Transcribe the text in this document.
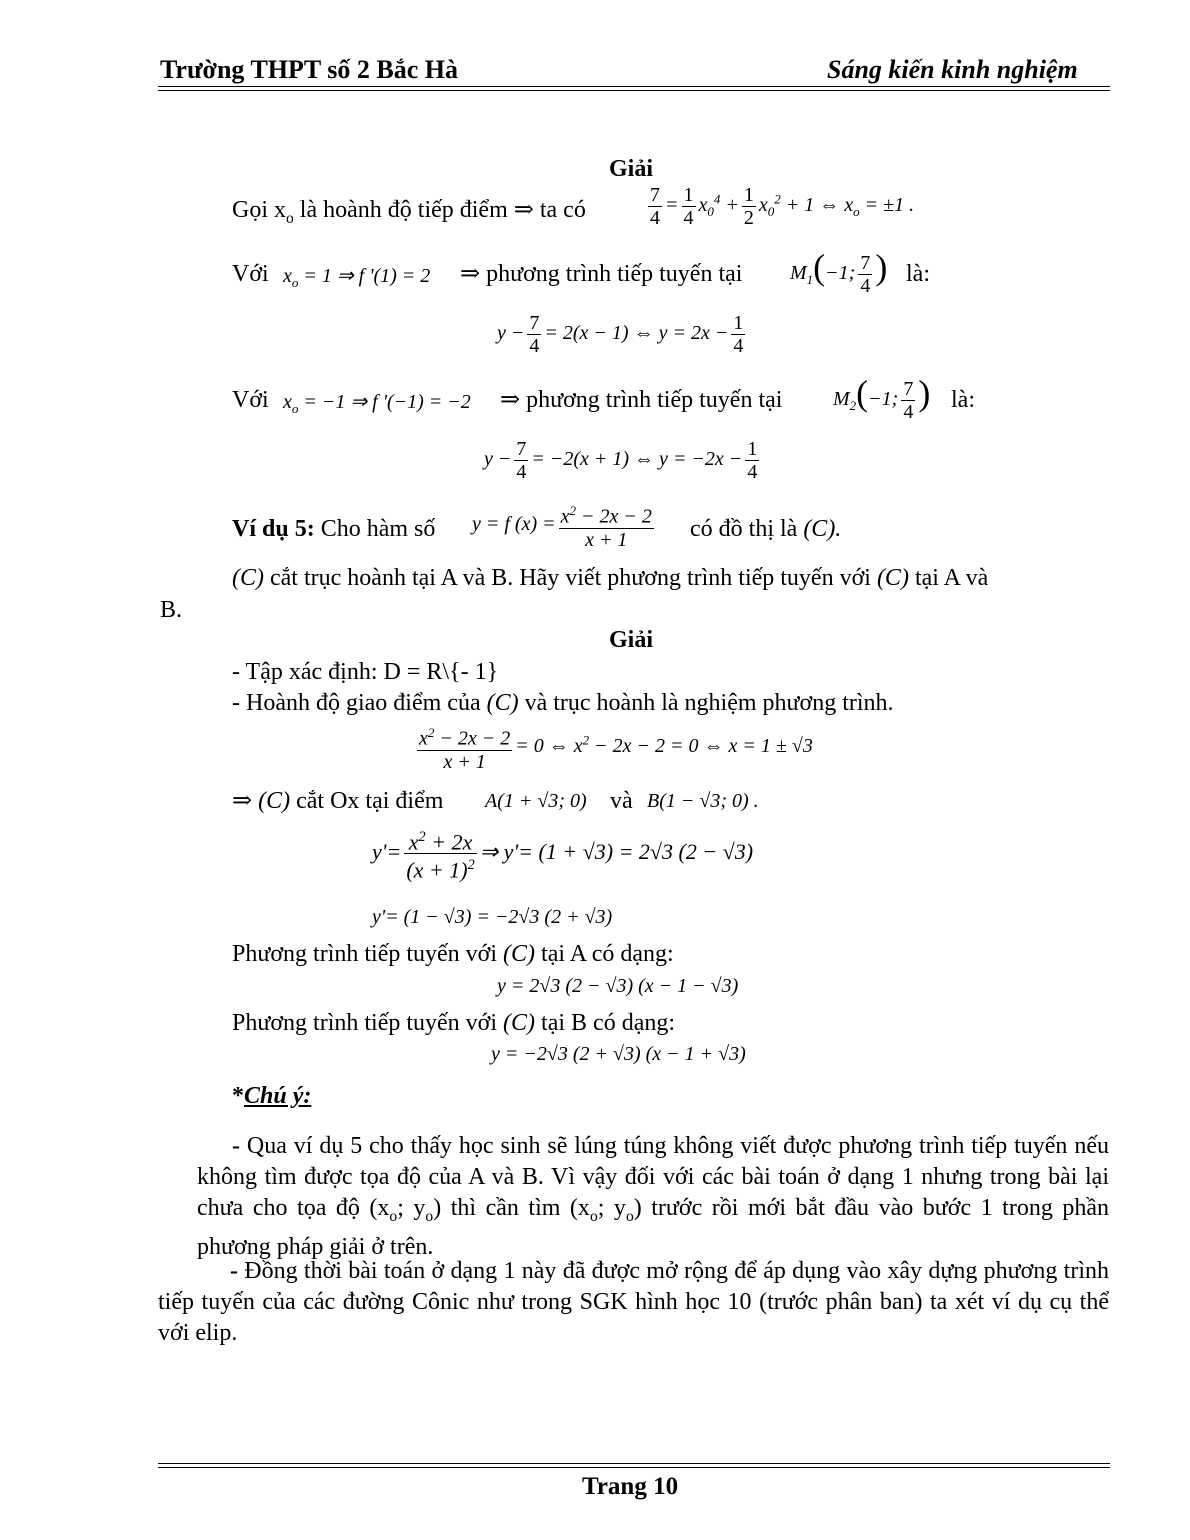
Trường THPT số 2 Bắc Hà	Sáng kiến kinh nghiệm
Giải
Gọi $x_o$ là hoành độ tiếp điểm ⇒ ta có	$\frac{7}{4} = \frac{1}{4} x_0^4 + \frac{1}{2} x_0^2 + 1$ ⇔ $x_o = \pm 1$ .
Với $x_o = 1$ ⇒ f '(1) = 2 ⇒ phương trình tiếp tuyến tại $M_1(-1$; $\frac{7}{4}$ ) là:
$y - \frac{7}{4} = 2(x - 1)$ ⇔ $y = 2x - \frac{1}{4}$
Với $x_o = -1$ ⇒ f '(−1) = −2 ⇒ phương trình tiếp tuyến tại	$M_2(-1$; $\frac{7}{4}$ ) là:
$y - \frac{7}{4} = -2(x + 1)$ ⇔ $y = -2x - \frac{1}{4}$
Ví dụ 5: Cho hàm số y = f $(x) = \frac{x^2 - 2x - 2}{x + 1}$ có đồ thị là (C).
(C) cắt trục hoành tại A và B. Hãy viết phương trình tiếp tuyến với (C) tại A và
B.
Giải
- Tập xác định: D = R\{- 1}
- Hoành độ giao điểm của (C) và trục hoành là nghiệm phương trình.
$\frac{x^2 - 2x - 2}{x + 1} = 0$ ⇔ $x^2 - 2x - 2 = 0$ ⇔ x = 1 ± √3
⇒ (C) cắt Ox tại điểm A(1 + √3; 0) và B(1 − √3; 0) .
$y'= \frac{x^2 + 2x}{(x + 1)^2}$ ⇒ y'= (1 + √3) = 2√3 (2 − √3)
y'= (1 − √3) = −2√3 (2 + √3)
Phương trình tiếp tuyến với (C) tại A có dạng:
y = 2√3 (2 − √3) (x − 1 − √3)
Phương trình tiếp tuyến với (C) tại B có dạng:
y = −2√3 (2 + √3) (x − 1 + √3)
*Chú ý:
- Qua ví dụ 5 cho thấy học sinh sẽ lúng túng không viết được phương trình tiếp tuyến nếu không tìm được tọa độ của A và B. Vì vậy đối với các bài toán ở dạng 1 nhưng trong bài lại chưa cho tọa độ ($x_o$; $y_o$) thì cần tìm ($x_o$; $y_o$) trước rồi mới bắt đầu vào bước 1 trong phần phương pháp giải ở trên.
- Đồng thời bài toán ở dạng 1 này đã được mở rộng để áp dụng vào xây dựng phương trình tiếp tuyến của các đường Cônic như trong SGK hình học 10 (trước phân ban) ta xét ví dụ cụ thể với elip.
Trang 10
